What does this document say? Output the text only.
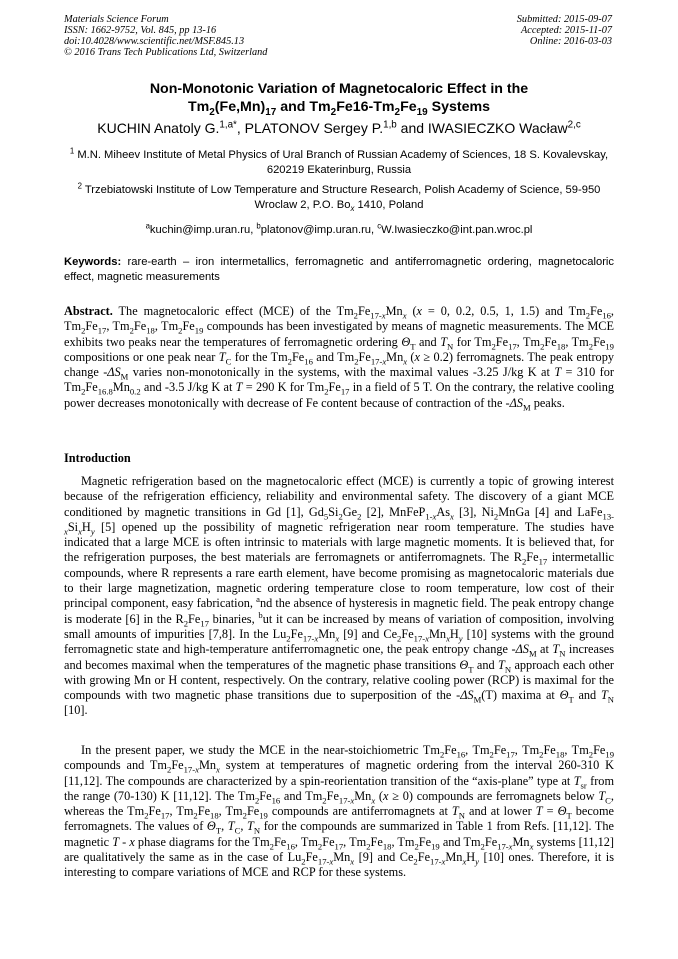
Materials Science Forum
ISSN: 1662-9752, Vol. 845, pp 13-16
doi:10.4028/www.scientific.net/MSF.845.13
© 2016 Trans Tech Publications Ltd, Switzerland
Submitted: 2015-09-07
Accepted: 2015-11-07
Online: 2016-03-03
Non-Monotonic Variation of Magnetocaloric Effect in the
$Tm_2(Fe,Mn)_{17}$ and $Tm_2Fe16-Tm_2Fe_{19}$ Systems
KUCHIN Anatoly G.$^{1,a*}$, PLATONOV Sergey P.$^{1,b}$ and IWASIECZKO Wacław$^{2,c}$
$^1$ M.N. Miheev Institute of Metal Physics of Ural Branch of Russian Academy of Sciences, 18 S. Kovalevskay, 620219 Ekaterinburg, Russia
$^2$ Trzebiatowski Institute of Low Temperature and Structure Research, Polish Academy of Science, 59-950 Wroclaw 2, P.O. $Bo_x$ 1410, Poland
$^a$kuchin@imp.uran.ru, $^b$platonov@imp.uran.ru, $^c$W.Iwasieczko@int.pan.wroc.pl
Keywords: rare-earth – iron intermetallics, ferromagnetic and antiferromagnetic ordering, magnetocaloric effect, magnetic measurements
Abstract. The magnetocaloric effect (MCE) of the $Tm_2Fe_{17-x}Mn_x$ (x = 0, 0.2, 0.5, 1, 1.5) and $Tm_2Fe_{16}$, $Tm_2Fe_{17}$, $Tm_2Fe_{18}$, $Tm_2Fe_{19}$ compounds has been investigated by means of magnetic measurements. The MCE exhibits two peaks near the temperatures of ferromagnetic ordering $\Theta_T$ and $T_N$ for $Tm_2Fe_{17}$, $Tm_2Fe_{18}$, $Tm_2Fe_{19}$ compositions or one peak near $T_C$ for the $Tm_2Fe_{16}$ and $Tm_2Fe_{17-x}Mn_x$ (x ≥ 0.2) ferromagnets. The peak entropy change $-\Delta S_M$ varies non-monotonically in the systems, with the maximal values -3.25 J/kg K at T = 310 for $Tm_2Fe_{16.8}Mn_{0.2}$ and -3.5 J/kg K at T = 290 K for $Tm_2Fe_{17}$ in a field of 5 T. On the contrary, the relative cooling power decreases monotonically with decrease of Fe content because of contraction of the $-\Delta S_M$ peaks.
Introduction
Magnetic refrigeration based on the magnetocaloric effect (MCE) is currently a topic of growing interest because of the refrigeration efficiency, reliability and environmental safety. The discovery of a giant MCE conditioned by magnetic transitions in Gd [1], $Gd_5Si_2Ge_2$ [2], $MnFeP_{1-x}As_x$ [3], $Ni_2MnGa$ [4] and $LaFe_{13-x}Si_xH_y$ [5] opened up the possibility of magnetic refrigeration near room temperature. The studies have indicated that a large MCE is often intrinsic to materials with large magnetic moments. It is believed that, for the refrigeration purposes, the best materials are ferromagnets or antiferromagnets. The $R_2Fe_{17}$ intermetallic compounds, where R represents a rare earth element, have become promising as magnetocaloric materials due to their large magnetization, magnetic ordering temperature close to room temperature, low cost of their principal component, easy fabrication, $^a$nd the absence of hysteresis in magnetic field. The peak entropy change is moderate [6] in the $R_2Fe_{17}$ binaries, $^b$ut it can be increased by means of variation of composition, involving small amounts of impurities [7,8]. In the $Lu_2Fe_{17-x}Mn_x$ [9] and $Ce_2Fe_{17-x}Mn_xH_y$ [10] systems with the ground ferromagnetic state and high-temperature antiferromagnetic one, the peak entropy change $-\Delta S_M$ at $T_N$ increases and becomes maximal when the temperatures of the magnetic phase transitions $\Theta_T$ and $T_N$ approach each other with growing Mn or H content, respectively. On the contrary, relative cooling power (RCP) is maximal for the compounds with two magnetic phase transitions due to superposition of the $-\Delta S_M(T)$ maxima at $\Theta_T$ and $T_N$ [10].
In the present paper, we study the MCE in the near-stoichiometric $Tm_2Fe_{16}$, $Tm_2Fe_{17}$, $Tm_2Fe_{18}$, $Tm_2Fe_{19}$ compounds and $Tm_2Fe_{17-x}Mn_x$ system at temperatures of magnetic ordering from the interval 260-310 K [11,12]. The compounds are characterized by a spin-reorientation transition of the “axis-plane” type at $T_{sr}$ from the range (70-130) K [11,12]. The $Tm_2Fe_{16}$ and $Tm_2Fe_{17-x}Mn_x$ (x ≥ 0) compounds are ferromagnets below $T_C$, whereas the $Tm_2Fe_{17}$, $Tm_2Fe_{18}$, $Tm_2Fe_{19}$ compounds are antiferromagnets at $T_N$ and at lower $T = \Theta_T$ become ferromagnets. The values of $\Theta_T$, $T_C$, $T_N$ for the compounds are summarized in Table 1 from Refs. [11,12]. The magnetic T - x phase diagrams for the $Tm_2Fe_{16}$, $Tm_2Fe_{17}$, $Tm_2Fe_{18}$, $Tm_2Fe_{19}$ and $Tm_2Fe_{17-x}Mn_x$ systems [11,12] are qualitatively the same as in the case of $Lu_2Fe_{17-x}Mn_x$ [9] and $Ce_2Fe_{17-x}Mn_xH_y$ [10] ones. Therefore, it is interesting to compare variations of MCE and RCP for these systems.
